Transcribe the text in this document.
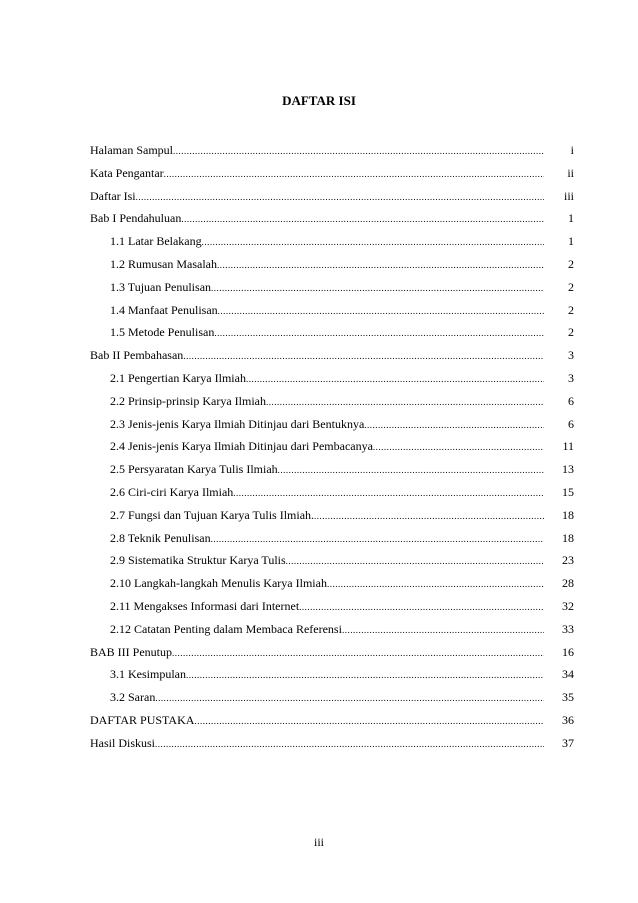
DAFTAR ISI
Halaman Sampul .....	i
Kata Pengantar .....	ii
Daftar Isi .....	iii
Bab I Pendahuluan .....	1
1.1 Latar Belakang .....	1
1.2 Rumusan Masalah .....	2
1.3 Tujuan Penulisan .....	2
1.4 Manfaat Penulisan .....	2
1.5 Metode Penulisan .....	2
Bab II Pembahasan .....	3
2.1 Pengertian Karya Ilmiah .....	3
2.2 Prinsip-prinsip Karya Ilmiah .....	6
2.3 Jenis-jenis Karya Ilmiah Ditinjau dari Bentuknya .....	6
2.4 Jenis-jenis Karya Ilmiah Ditinjau dari Pembacanya .....	11
2.5 Persyaratan Karya Tulis Ilmiah .....	13
2.6 Ciri-ciri Karya Ilmiah .....	15
2.7 Fungsi dan Tujuan Karya Tulis Ilmiah. .....	18
2.8 Teknik Penulisan .....	18
2.9 Sistematika Struktur Karya Tulis .....	23
2.10 Langkah-langkah Menulis Karya Ilmiah .....	28
2.11 Mengakses Informasi dari Internet .....	32
2.12 Catatan Penting dalam Membaca Referensi .....	33
BAB III Penutup .....	16
3.1 Kesimpulan .....	34
3.2 Saran .....	35
DAFTAR PUSTAKA .....	36
Hasil Diskusi .....	37
iii
